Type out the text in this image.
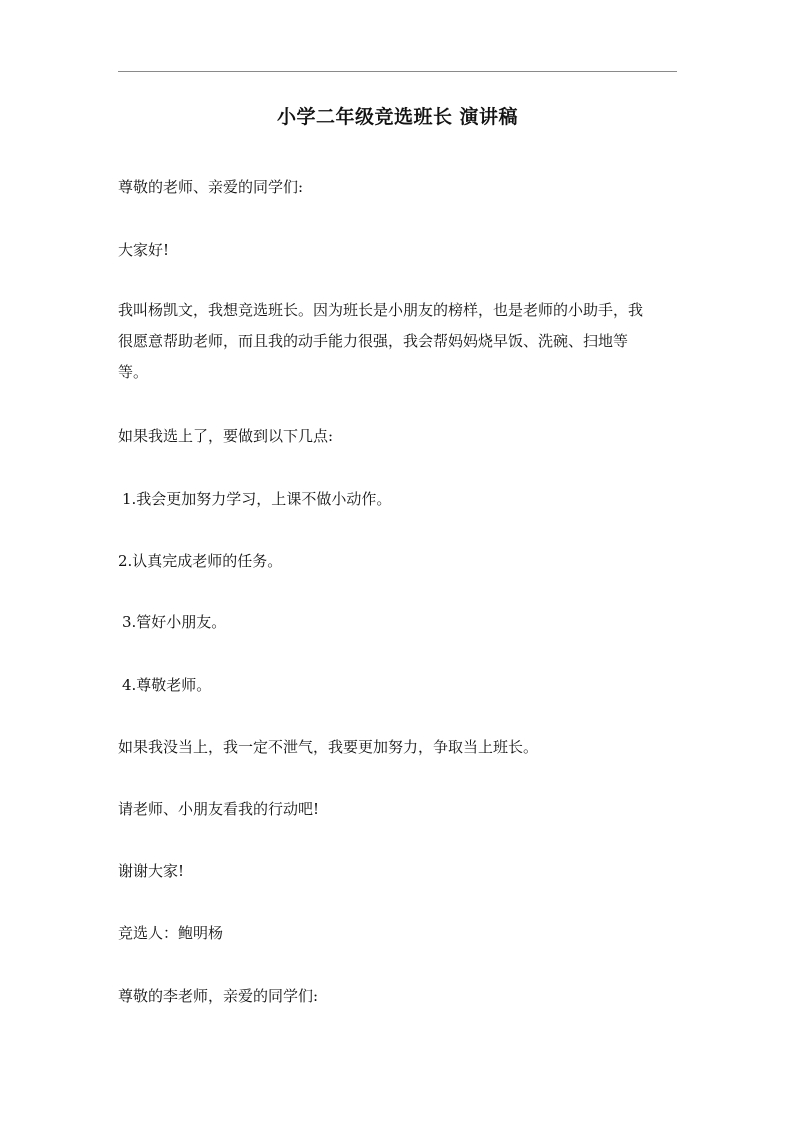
小学二年级竞选班长 演讲稿
尊敬的老师、亲爱的同学们:
大家好!
我叫杨凯文，我想竞选班长。因为班长是小朋友的榜样，也是老师的小助手，我
很愿意帮助老师，而且我的动手能力很强，我会帮妈妈烧早饭、洗碗、扫地等
等。
如果我选上了，要做到以下几点:
1.我会更加努力学习，上课不做小动作。
2.认真完成老师的任务。
3.管好小朋友。
4.尊敬老师。
如果我没当上，我一定不泄气，我要更加努力，争取当上班长。
请老师、小朋友看我的行动吧!
谢谢大家!
竞选人：鲍明杨
尊敬的李老师，亲爱的同学们:
